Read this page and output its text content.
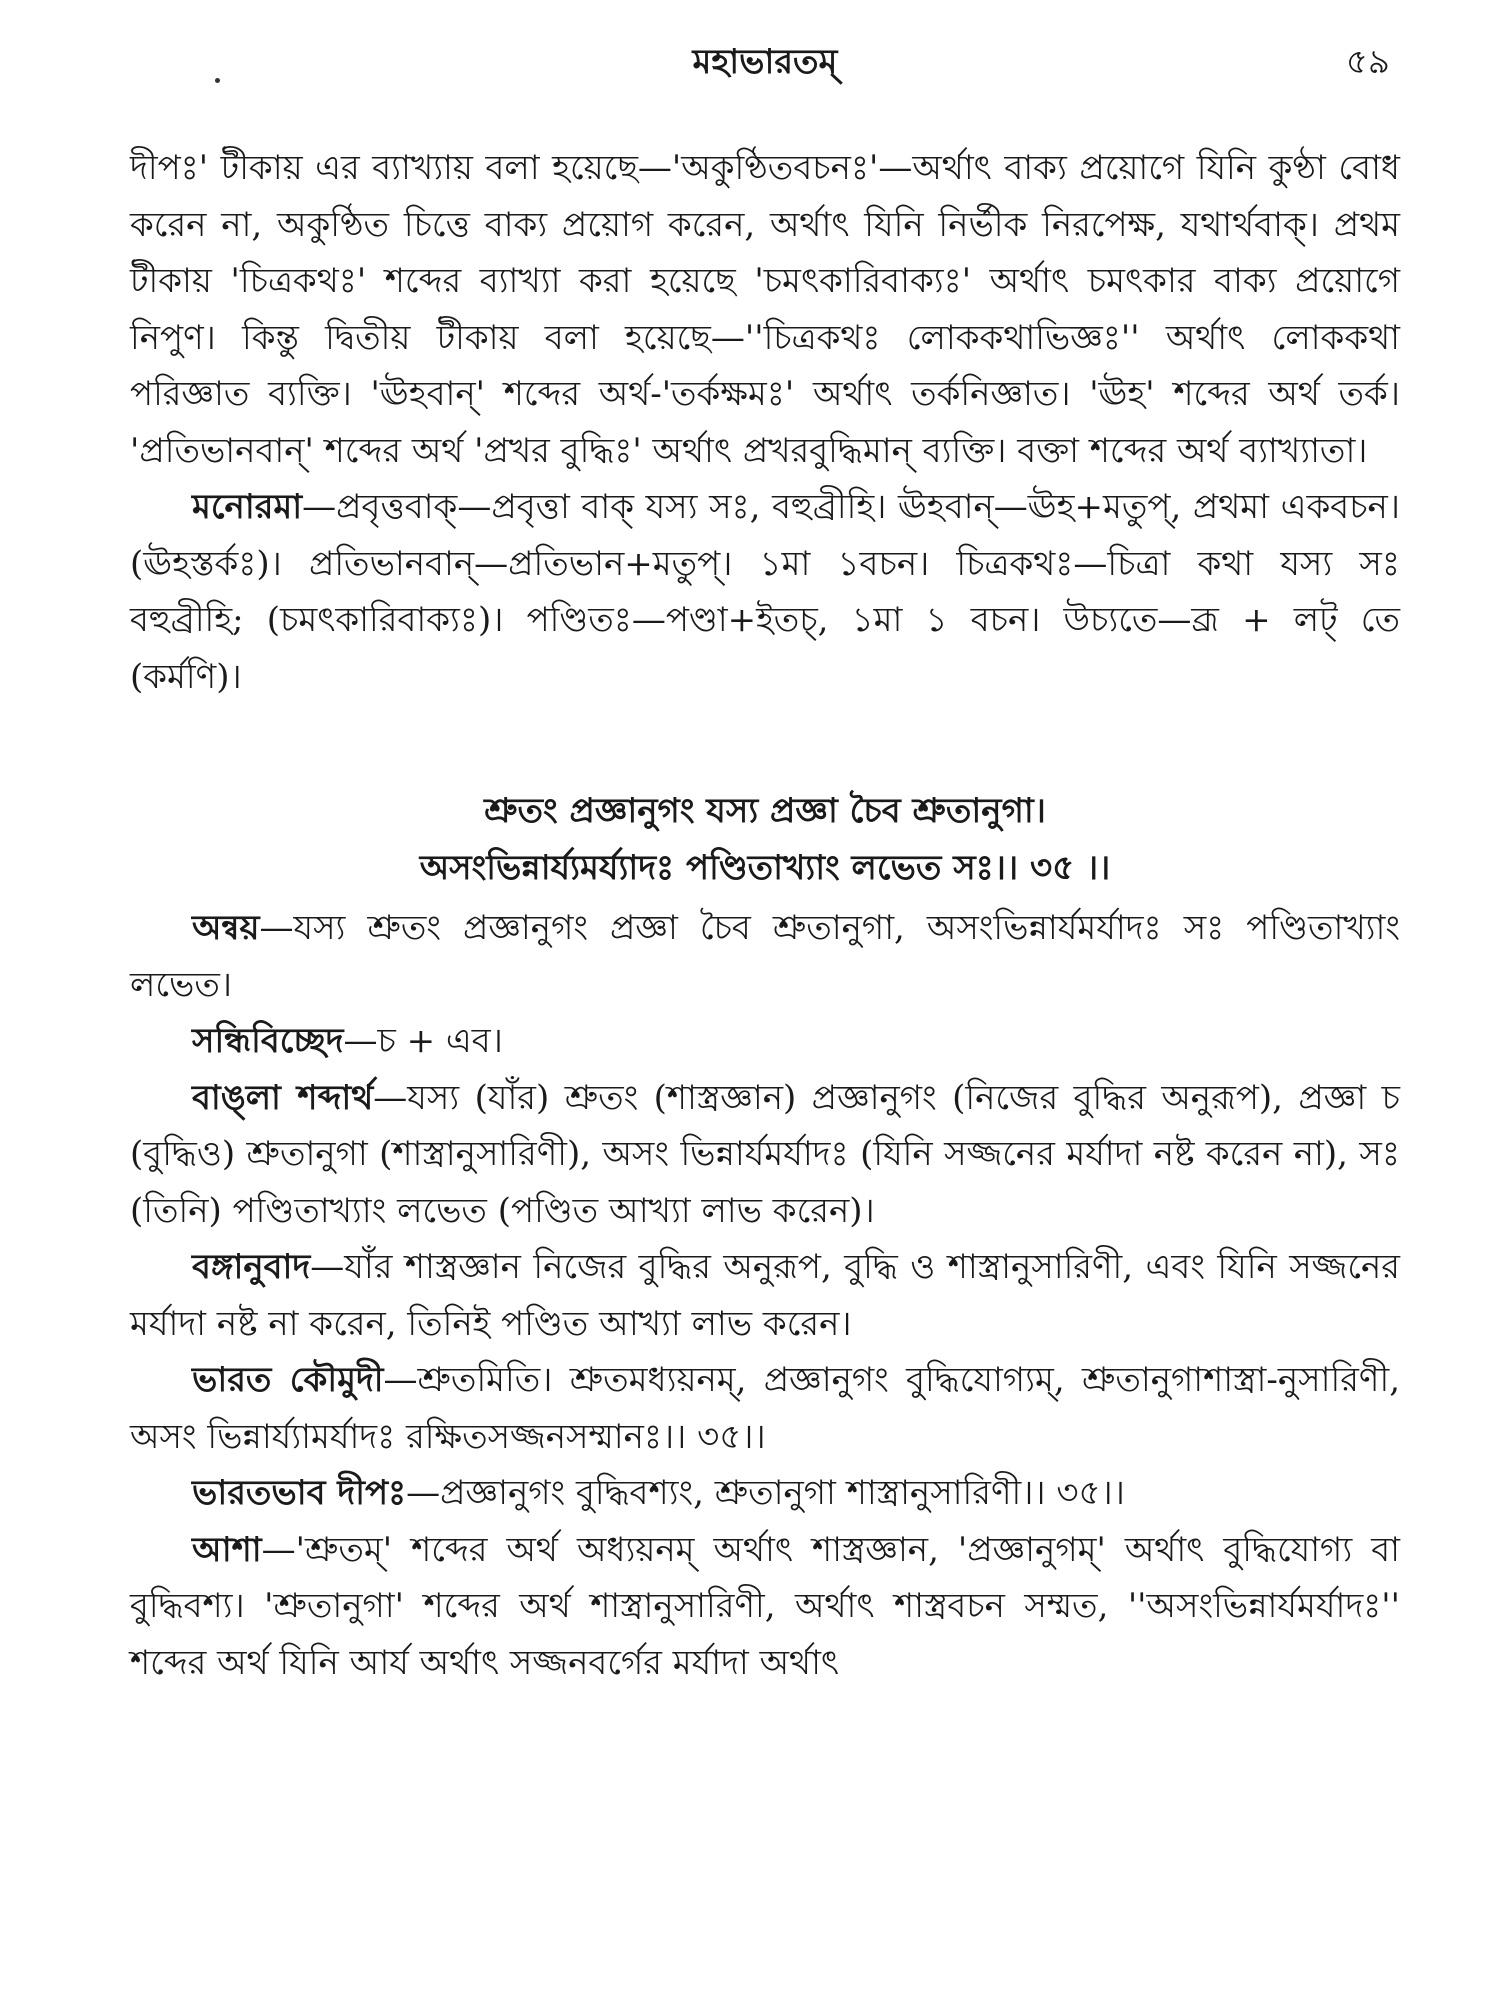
মহাভারতম্	৫৯

দীপঃ' টীকায় এর ব্যাখ্যায় বলা হয়েছে—'অকুণ্ঠিতবচনঃ'—অর্থাৎ বাক্য প্রয়োগে যিনি কুণ্ঠা বোধ করেন না, অকুণ্ঠিত চিত্তে বাক্য প্রয়োগ করেন, অর্থাৎ যিনি নির্ভীক নিরপেক্ষ, যথার্থবাক্। প্রথম টীকায় 'চিত্রকথঃ' শব্দের ব্যাখ্যা করা হয়েছে 'চমৎকারিবাক্যঃ' অর্থাৎ চমৎকার বাক্য প্রয়োগে নিপুণ। কিন্তু দ্বিতীয় টীকায় বলা হয়েছে—''চিত্রকথঃ লোককথাভিজ্ঞঃ'' অর্থাৎ লোককথা পরিজ্ঞাত ব্যক্তি। 'ঊহবান্' শব্দের অর্থ-'তর্কক্ষমঃ' অর্থাৎ তর্কনিজ্ঞাত। 'ঊহ' শব্দের অর্থ তর্ক। 'প্রতিভানবান্' শব্দের অর্থ 'প্রখর বুদ্ধিঃ' অর্থাৎ প্রখরবুদ্ধিমান্ ব্যক্তি। বক্তা শব্দের অর্থ ব্যাখ্যাতা।

মনোরমা—প্রবৃত্তবাক্—প্রবৃত্তা বাক্ যস্য সঃ, বহুব্রীহি। ঊহবান্—ঊহ+মতুপ্, প্রথমা একবচন। (ঊহস্তর্কঃ)। প্রতিভানবান্—প্রতিভান+মতুপ্। ১মা ১বচন। চিত্রকথঃ—চিত্রা কথা যস্য সঃ বহুব্রীহি; (চমৎকারিবাক্যঃ)। পণ্ডিতঃ—পণ্ডা+ইতচ্, ১মা ১ বচন। উচ্যতে—ব্রূ + লট্ তে (কর্মণি)।

শ্রুতং প্রজ্ঞানুগং যস্য প্রজ্ঞা চৈব শ্রুতানুগা।

অসংভিন্নার্য্যমর্য্যাদঃ পণ্ডিতাখ্যাং লভেত সঃ।। ৩৫ ।।

অন্বয়—যস্য শ্রুতং প্রজ্ঞানুগং প্রজ্ঞা চৈব শ্রুতানুগা, অসংভিন্নার্যমর্যাদঃ সঃ পণ্ডিতাখ্যাং লভেত।

সন্ধিবিচ্ছেদ—চ + এব।

বাঙ্লা শব্দার্থ—যস্য (যাঁর) শ্রুতং (শাস্ত্রজ্ঞান) প্রজ্ঞানুগং (নিজের বুদ্ধির অনুরূপ), প্রজ্ঞা চ (বুদ্ধিও) শ্রুতানুগা (শাস্ত্রানুসারিণী), অসং ভিন্নার্যমর্যাদঃ (যিনি সজ্জনের মর্যাদা নষ্ট করেন না), সঃ (তিনি) পণ্ডিতাখ্যাং লভেত (পণ্ডিত আখ্যা লাভ করেন)।

বঙ্গানুবাদ—যাঁর শাস্ত্রজ্ঞান নিজের বুদ্ধির অনুরূপ, বুদ্ধি ও শাস্ত্রানুসারিণী, এবং যিনি সজ্জনের মর্যাদা নষ্ট না করেন, তিনিই পণ্ডিত আখ্যা লাভ করেন।

ভারত কৌমুদী—শ্রুতমিতি। শ্রুতমধ্যয়নম্, প্রজ্ঞানুগং বুদ্ধিযোগ্যম্, শ্রুতানুগাশাস্ত্রা-নুসারিণী, অসং ভিন্নার্য্যামর্যাদঃ রক্ষিতসজ্জনসম্মানঃ।। ৩৫।।

ভারতভাব দীপঃ—প্রজ্ঞানুগং বুদ্ধিবশ্যং, শ্রুতানুগা শাস্ত্রানুসারিণী।। ৩৫।।

আশা—'শ্রুতম্' শব্দের অর্থ অধ্যয়নম্ অর্থাৎ শাস্ত্রজ্ঞান, 'প্রজ্ঞানুগম্' অর্থাৎ বুদ্ধিযোগ্য বা বুদ্ধিবশ্য। 'শ্রুতানুগা' শব্দের অর্থ শাস্ত্রানুসারিণী, অর্থাৎ শাস্ত্রবচন সম্মত, ''অসংভিন্নার্যমর্যাদঃ'' শব্দের অর্থ যিনি আর্য অর্থাৎ সজ্জনবর্গের মর্যাদা অর্থাৎ
